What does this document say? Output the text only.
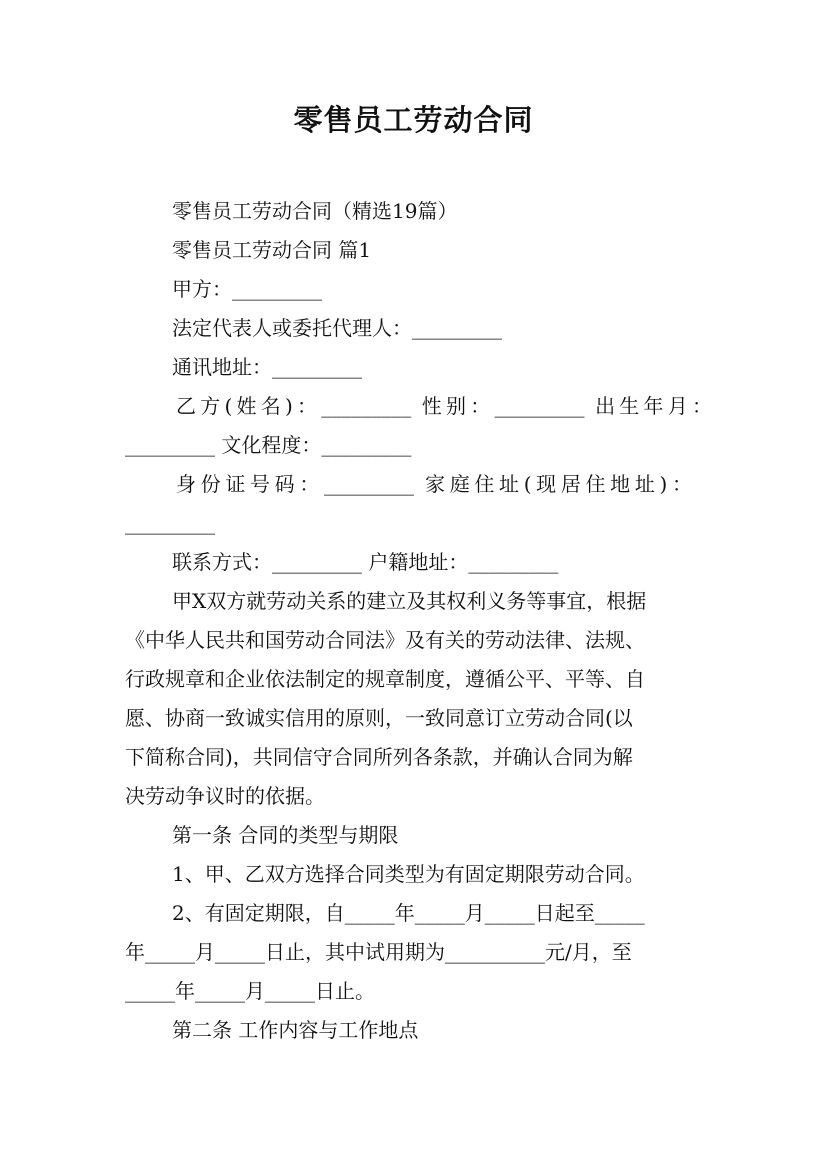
零售员工劳动合同
零售员工劳动合同（精选19篇）
零售员工劳动合同 篇1
甲方：_________
法定代表人或委托代理人：_________
通讯地址：_________
乙方(姓名)：_________ 性别：_________ 出生年月：
_________ 文化程度：_________
身份证号码：_________ 家庭住址(现居住地址)：
_________
联系方式：_________ 户籍地址：_________
甲X双方就劳动关系的建立及其权利义务等事宜，根据
《中华人民共和国劳动合同法》及有关的劳动法律、法规、
行政规章和企业依法制定的规章制度，遵循公平、平等、自
愿、协商一致诚实信用的原则，一致同意订立劳动合同(以
下简称合同)，共同信守合同所列各条款，并确认合同为解
决劳动争议时的依据。
第一条 合同的类型与期限
1、甲、乙双方选择合同类型为有固定期限劳动合同。
2、有固定期限，自_____年_____月_____日起至_____
年_____月_____日止，其中试用期为__________元/月，至
_____年_____月_____日止。
第二条 工作内容与工作地点
